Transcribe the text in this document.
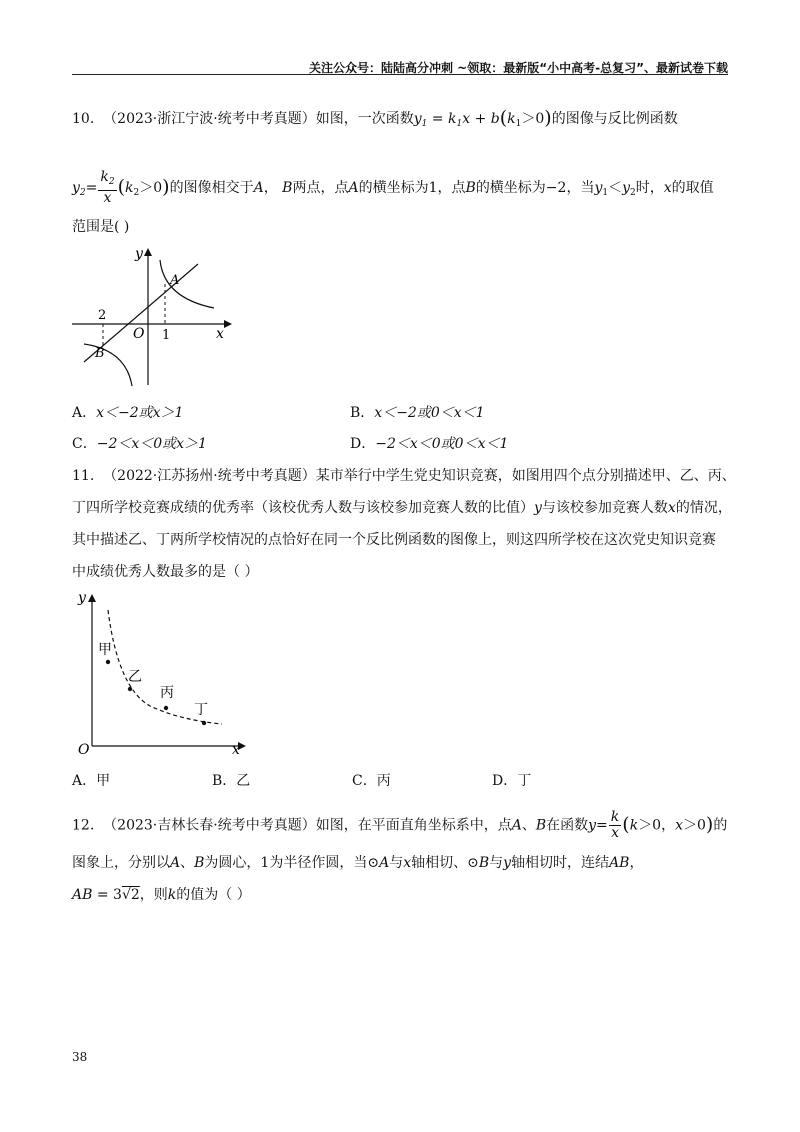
关注公众号：陆陆高分冲刺 ~领取：最新版“小中高考-总复习”、最新试卷下载
10. （2023·浙江宁波·统考中考真题）如图，一次函数$y_1 = k_1x + b(k_1>0)$的图像与反比例函数
$y_2= \frac{k_2}{x} (k_2>0)$的图像相交于A， B两点，点A的横坐标为1，点B的横坐标为−2，当$y_1<y_2$时，x的取值
范围是( )
y
x
O
A
B
2
1
A．x＜−2或x＞1	B．x＜−2或0＜x＜1
C．−2＜x＜0或x＞1	D．−2＜x＜0或0＜x＜1
11. （2022·江苏扬州·统考中考真题）某市举行中学生党史知识竞赛，如图用四个点分别描述甲、乙、丙、
丁四所学校竞赛成绩的优秀率（该校优秀人数与该校参加竞赛人数的比值）y与该校参加竞赛人数x的情况，
其中描述乙、丁两所学校情况的点恰好在同一个反比例函数的图像上，则这四所学校在这次党史知识竞赛
中成绩优秀人数最多的是（ ）
y
x
O
甲
乙
丙
丁
A．甲	B．乙	C．丙	D．丁
12. （2023·吉林长春·统考中考真题）如图，在平面直角坐标系中，点A、B在函数$y= \frac{k}{x} (k>0$，x＞0)的
图象上，分别以A、B为圆心，1为半径作圆，当⊙A与x轴相切、⊙B与y轴相切时，连结AB，
AB = 3√2，则k的值为（ ）
38
